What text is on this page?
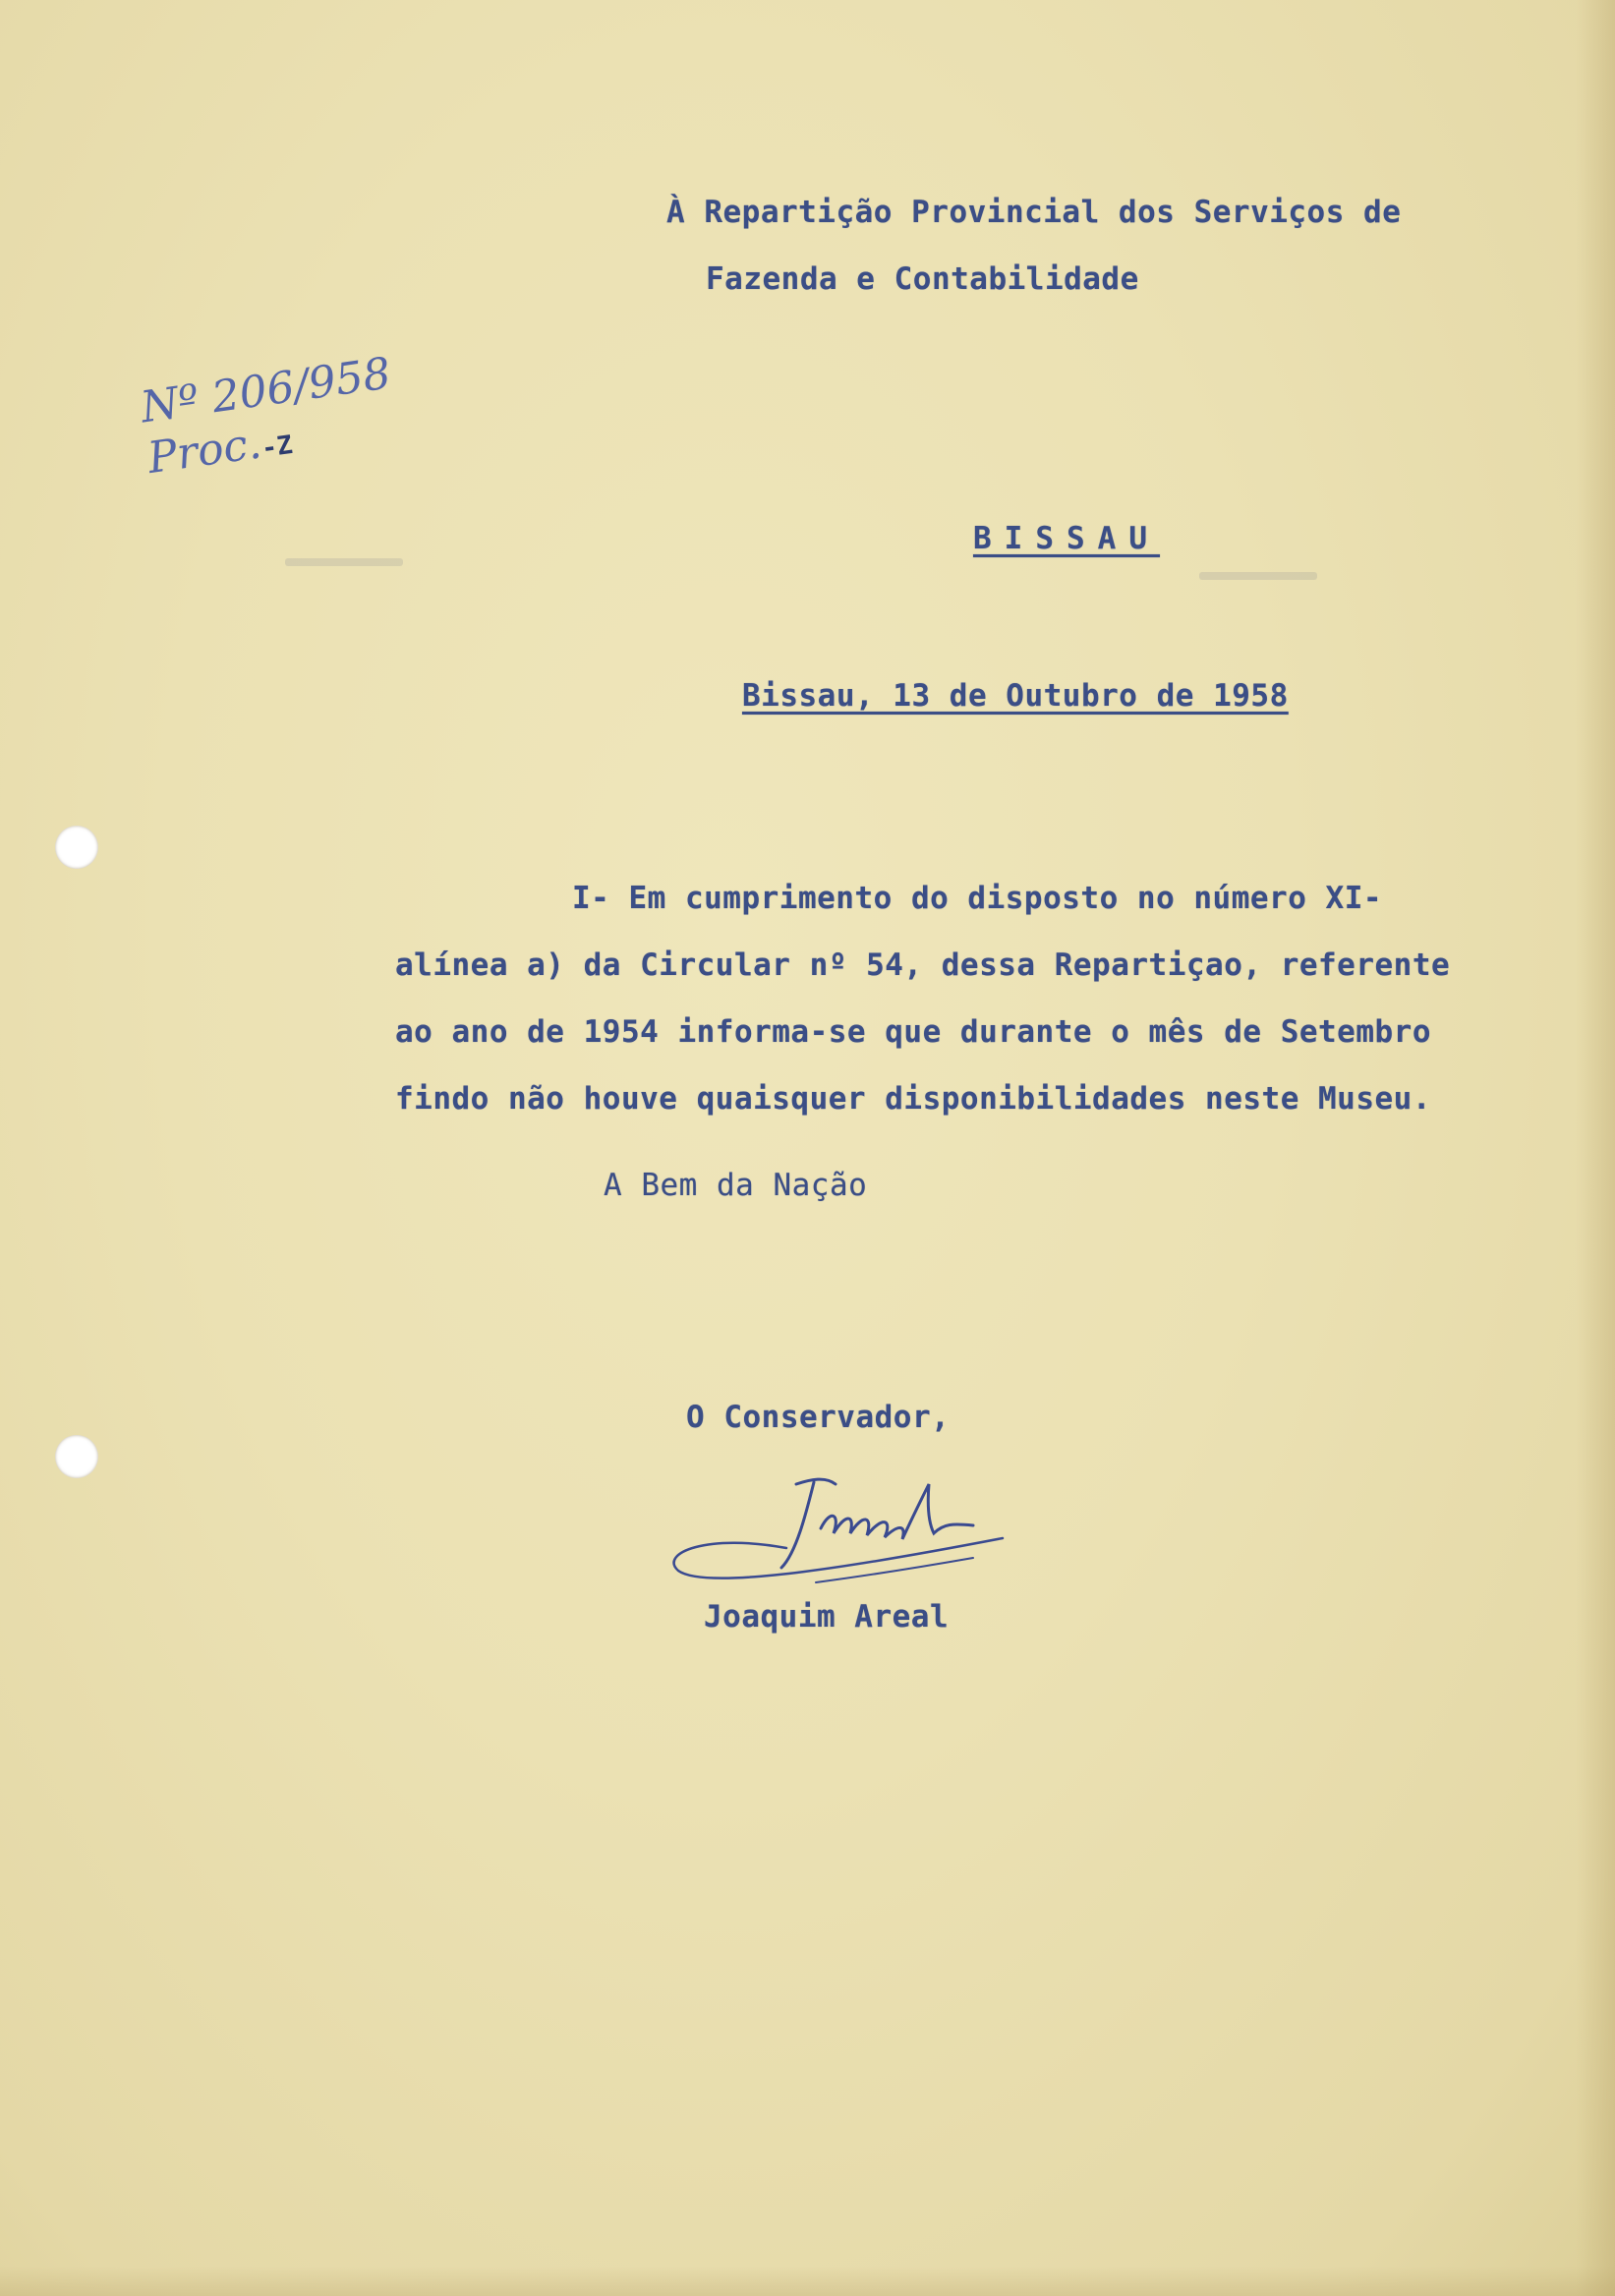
À Repartição Provincial dos Serviços de
Fazenda e Contabilidade
Nº 206/958
Proc.-Z
BISSAU
Bissau, 13 de Outubro de 1958
I- Em cumprimento do disposto no número XI-
alínea a) da Circular nº 54, dessa Repartiçao, referente
ao ano de 1954 informa-se que durante o mês de Setembro
findo não houve quaisquer disponibilidades neste Museu.
A Bem da Nação
O Conservador,
Joaquim Areal
